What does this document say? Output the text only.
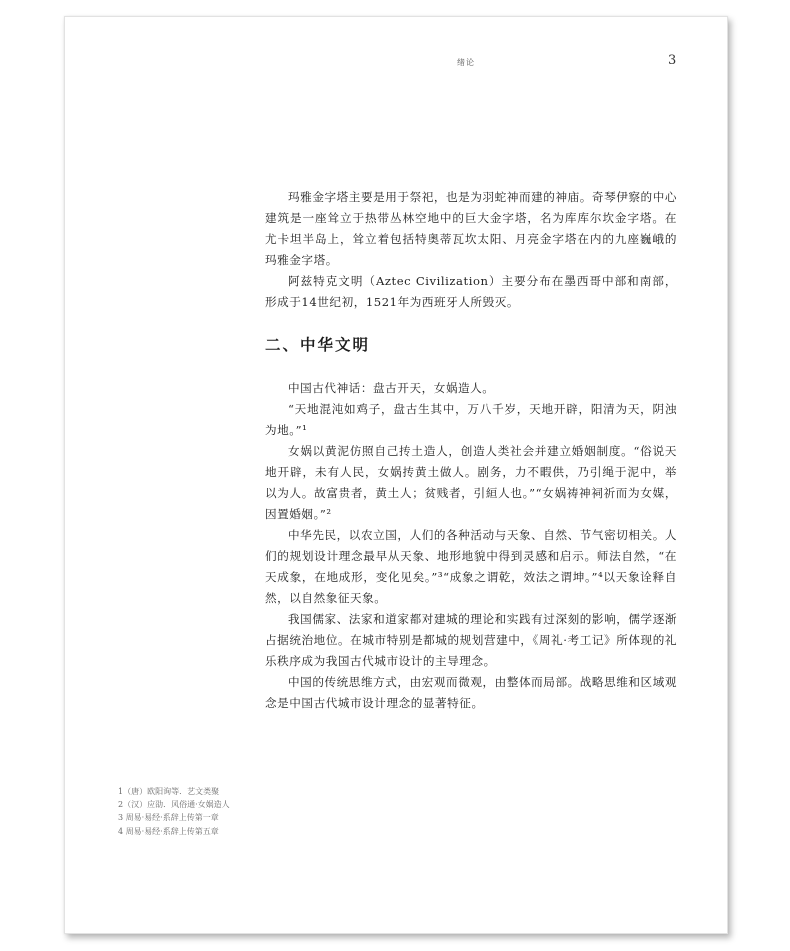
绪论	3

玛雅金字塔主要是用于祭祀，也是为羽蛇神而建的神庙。奇琴伊察的中心建筑是一座耸立于热带丛林空地中的巨大金字塔，名为库库尔坎金字塔。在尤卡坦半岛上，耸立着包括特奥蒂瓦坎太阳、月亮金字塔在内的九座巍峨的玛雅金字塔。

阿兹特克文明（Aztec Civilization）主要分布在墨西哥中部和南部，形成于14世纪初，1521年为西班牙人所毁灭。

二、中华文明

中国古代神话：盘古开天，女娲造人。

“天地混沌如鸡子，盘古生其中，万八千岁，天地开辟，阳清为天，阴浊为地。”¹

女娲以黄泥仿照自己抟土造人，创造人类社会并建立婚姻制度。“俗说天地开辟，未有人民，女娲抟黄土做人。剧务，力不暇供，乃引绳于泥中，举以为人。故富贵者，黄土人；贫贱者，引絙人也。”“女娲祷神祠祈而为女媒，因置婚姻。”²

中华先民，以农立国，人们的各种活动与天象、自然、节气密切相关。人们的规划设计理念最早从天象、地形地貌中得到灵感和启示。师法自然，“在天成象，在地成形，变化见矣。”³“成象之谓乾，效法之谓坤。”⁴以天象诠释自然，以自然象征天象。

我国儒家、法家和道家都对建城的理论和实践有过深刻的影响，儒学逐渐占据统治地位。在城市特别是都城的规划营建中，《周礼·考工记》所体现的礼乐秩序成为我国古代城市设计的主导理念。

中国的传统思维方式，由宏观而微观，由整体而局部。战略思维和区域观念是中国古代城市设计理念的显著特征。

1（唐）欧阳询等．艺文类聚
2（汉）应劭．风俗通·女娲造人
3 周易·易经·系辞上传第一章
4 周易·易经·系辞上传第五章
